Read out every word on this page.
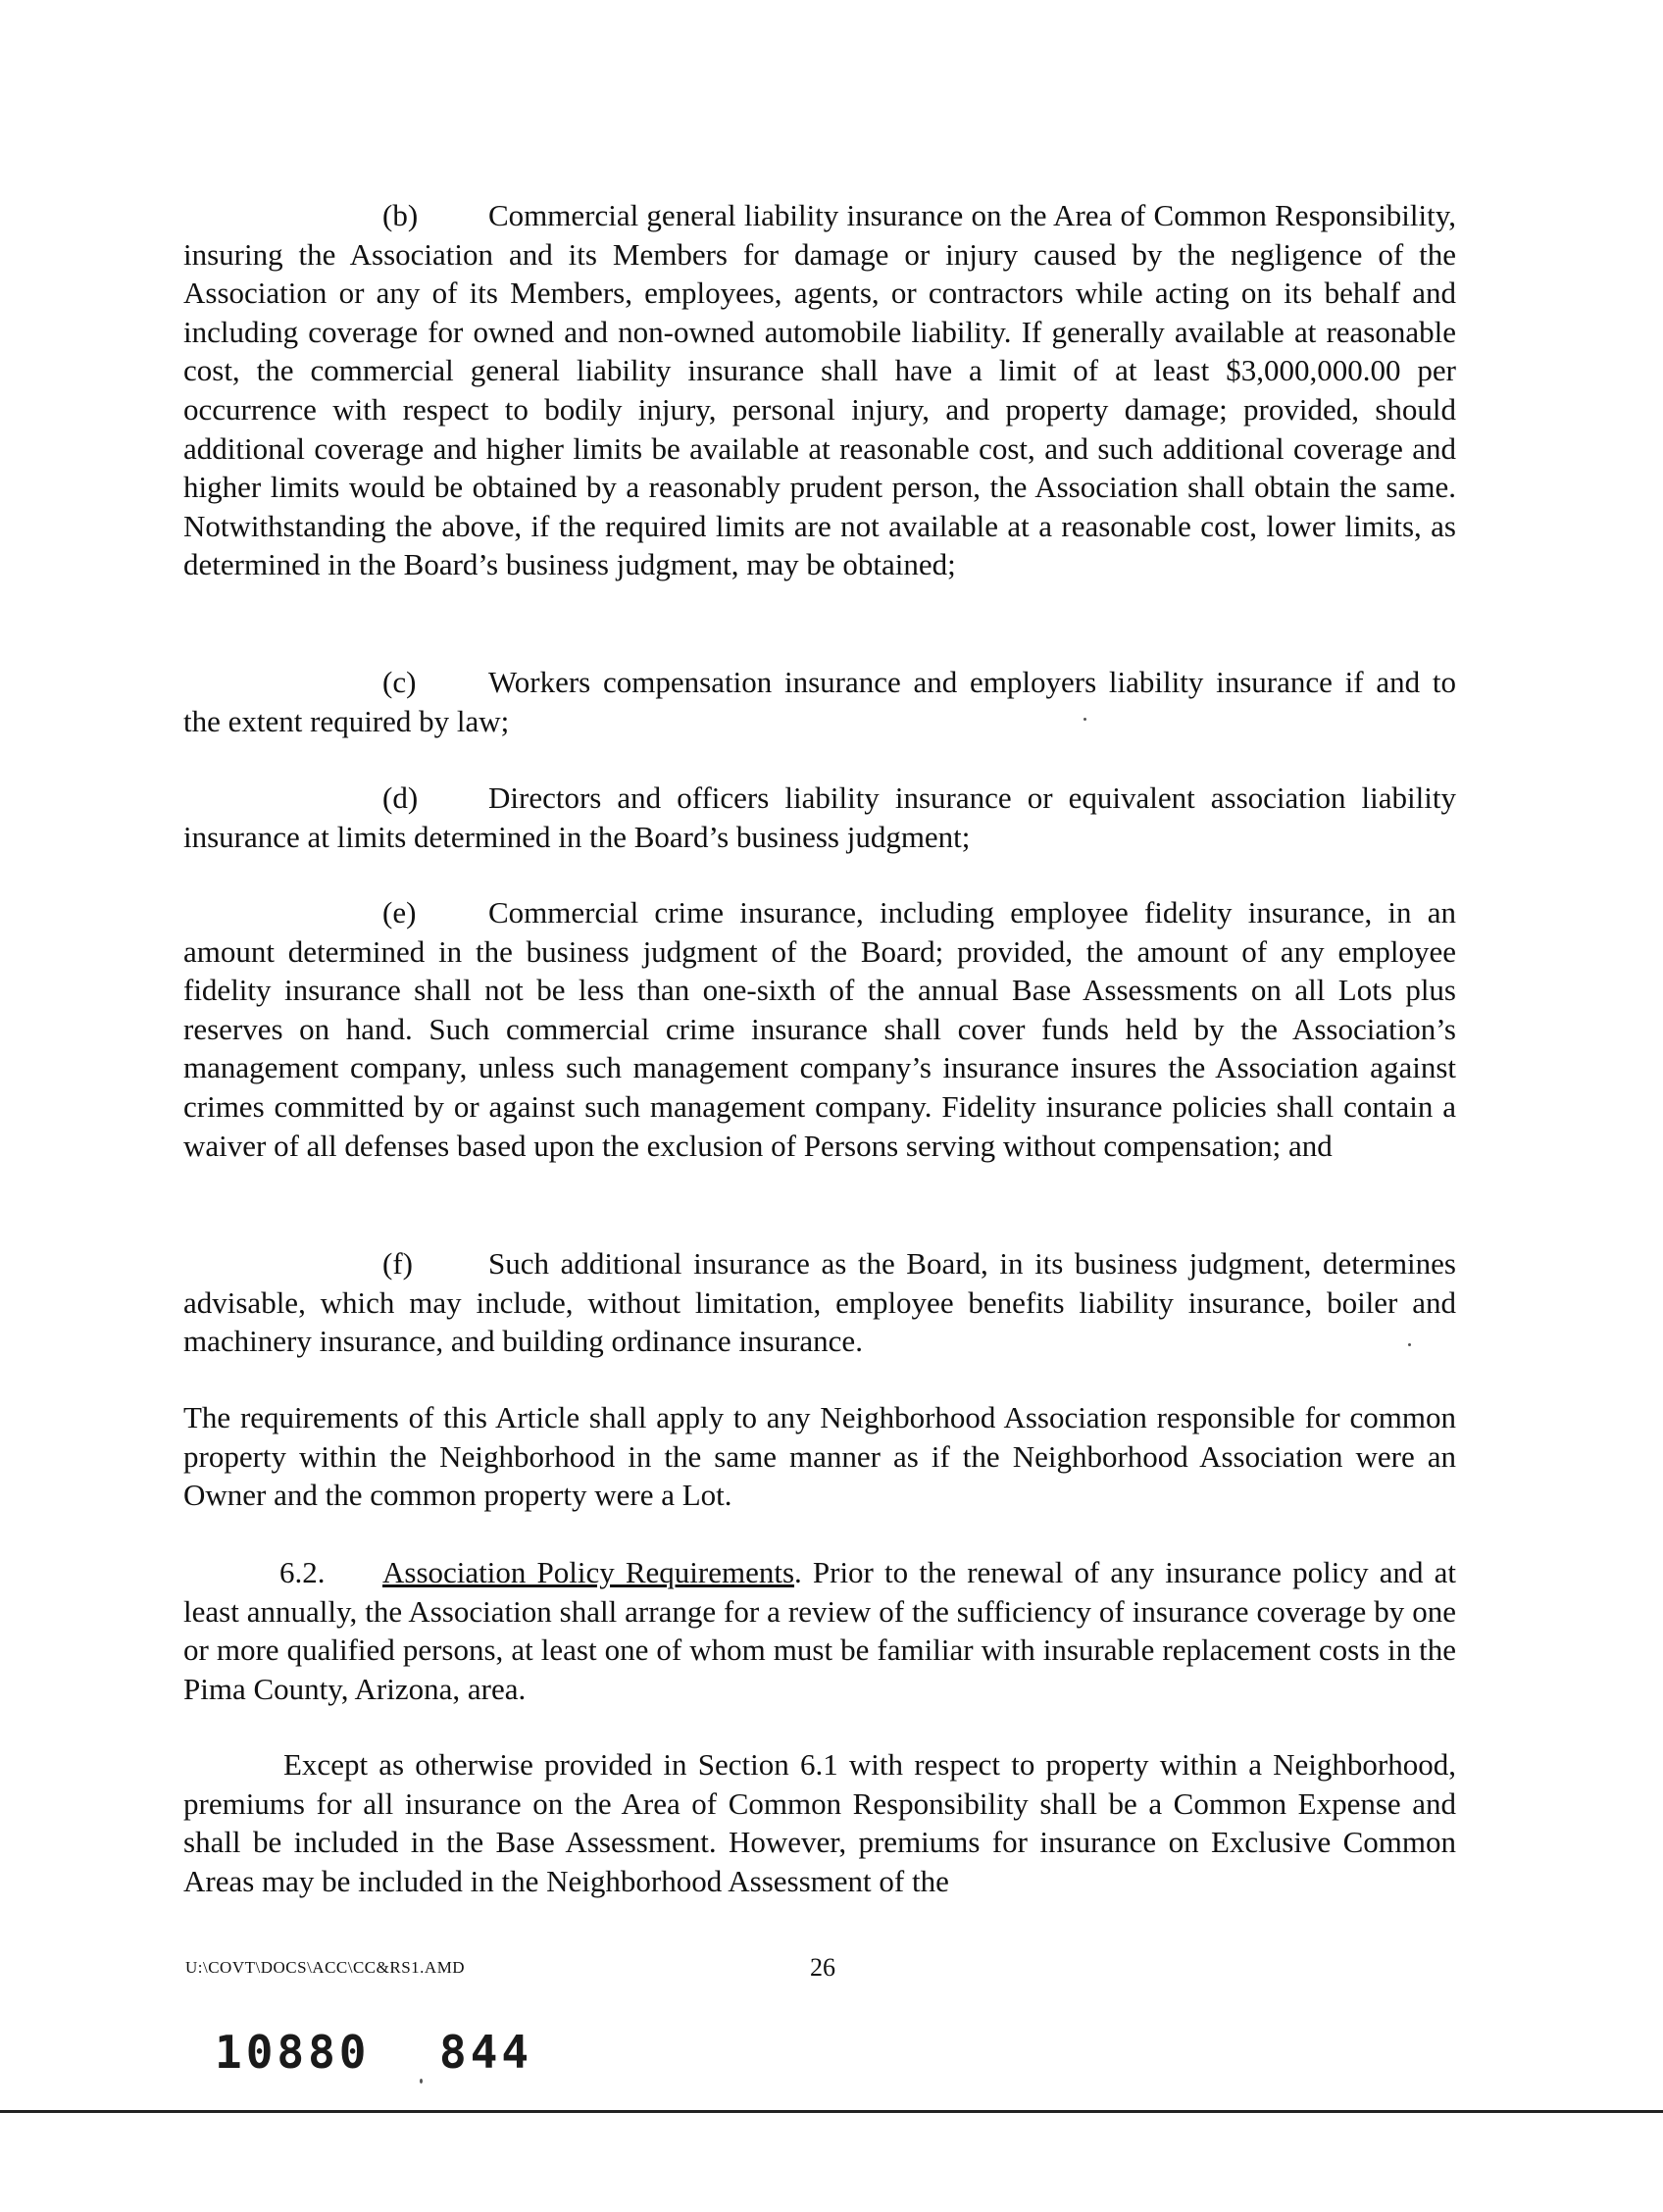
(b) Commercial general liability insurance on the Area of Common Responsibility, insuring the Association and its Members for damage or injury caused by the negligence of the Association or any of its Members, employees, agents, or contractors while acting on its behalf and including coverage for owned and non-owned automobile liability. If generally available at reasonable cost, the commercial general liability insurance shall have a limit of at least $3,000,000.00 per occurrence with respect to bodily injury, personal injury, and property damage; provided, should additional coverage and higher limits be available at reasonable cost, and such additional coverage and higher limits would be obtained by a reasonably prudent person, the Association shall obtain the same. Notwithstanding the above, if the required limits are not available at a reasonable cost, lower limits, as determined in the Board’s business judgment, may be obtained;

(c) Workers compensation insurance and employers liability insurance if and to the extent required by law;

(d) Directors and officers liability insurance or equivalent association liability insurance at limits determined in the Board’s business judgment;

(e) Commercial crime insurance, including employee fidelity insurance, in an amount determined in the business judgment of the Board; provided, the amount of any employee fidelity insurance shall not be less than one-sixth of the annual Base Assessments on all Lots plus reserves on hand. Such commercial crime insurance shall cover funds held by the Association’s management company, unless such management company’s insurance insures the Association against crimes committed by or against such management company. Fidelity insurance policies shall contain a waiver of all defenses based upon the exclusion of Persons serving without compensation; and

(f) Such additional insurance as the Board, in its business judgment, determines advisable, which may include, without limitation, employee benefits liability insurance, boiler and machinery insurance, and building ordinance insurance.

The requirements of this Article shall apply to any Neighborhood Association responsible for common property within the Neighborhood in the same manner as if the Neighborhood Association were an Owner and the common property were a Lot.

6.2. Association Policy Requirements. Prior to the renewal of any insurance policy and at least annually, the Association shall arrange for a review of the sufficiency of insurance coverage by one or more qualified persons, at least one of whom must be familiar with insurable replacement costs in the Pima County, Arizona, area.

Except as otherwise provided in Section 6.1 with respect to property within a Neighborhood, premiums for all insurance on the Area of Common Responsibility shall be a Common Expense and shall be included in the Base Assessment. However, premiums for insurance on Exclusive Common Areas may be included in the Neighborhood Assessment of the

U:\COVT\DOCS\ACC\CC&RS1.AMD	26
10880 844
